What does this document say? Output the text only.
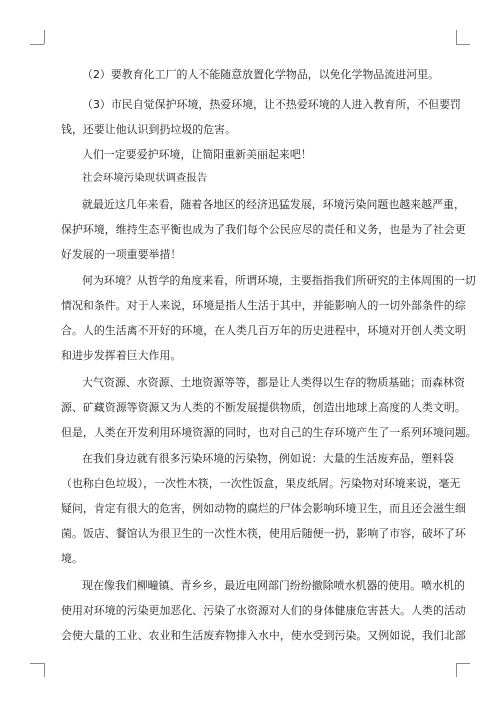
（2）要教育化工厂的人不能随意放置化学物品，以免化学物品流进河里。

（3）市民自觉保护环境，热爱环境，让不热爱环境的人进入教育所，不但要罚
钱，还要让他认识到扔垃圾的危害。

人们一定要爱护环境，让简阳重新美丽起来吧！

社会环境污染现状调查报告

就最近这几年来看，随着各地区的经济迅猛发展，环境污染问题也越来越严重，
保护环境，维持生态平衡也成为了我们每个公民应尽的责任和义务，也是为了社会更
好发展的一项重要举措！

何为环境？从哲学的角度来看，所谓环境，主要指指我们所研究的主体周围的一切
情况和条件。对于人来说，环境是指人生活于其中，并能影响人的一切外部条件的综
合。人的生活离不开好的环境，在人类几百万年的历史进程中，环境对开创人类文明
和进步发挥着巨大作用。

大气资源、水资源、土地资源等等，都是让人类得以生存的物质基础；而森林资
源、矿藏资源等资源又为人类的不断发展提供物质，创造出地球上高度的人类文明。
但是，人类在开发利用环境资源的同时，也对自己的生存环境产生了一系列环境问题。

在我们身边就有很多污染环境的污染物，例如说：大量的生活废弃品，塑料袋
（也称白色垃圾），一次性木筷，一次性饭盒，果皮纸屑。污染物对环境来说，毫无
疑问，肯定有很大的危害，例如动物的腐烂的尸体会影响环境卫生，而且还会滋生细
菌。饭店、餐馆认为很卫生的一次性木筷，使用后随便一扔，影响了市容，破坏了环
境。

现在像我们柳疃镇、青乡乡，最近电网部门纷纷撤除喷水机器的使用。喷水机的
使用对环境的污染更加恶化、污染了水资源对人们的身体健康危害甚大。人类的活动
会使大量的工业、农业和生活废弃物排入水中，使水受到污染。又例如说，我们北部
